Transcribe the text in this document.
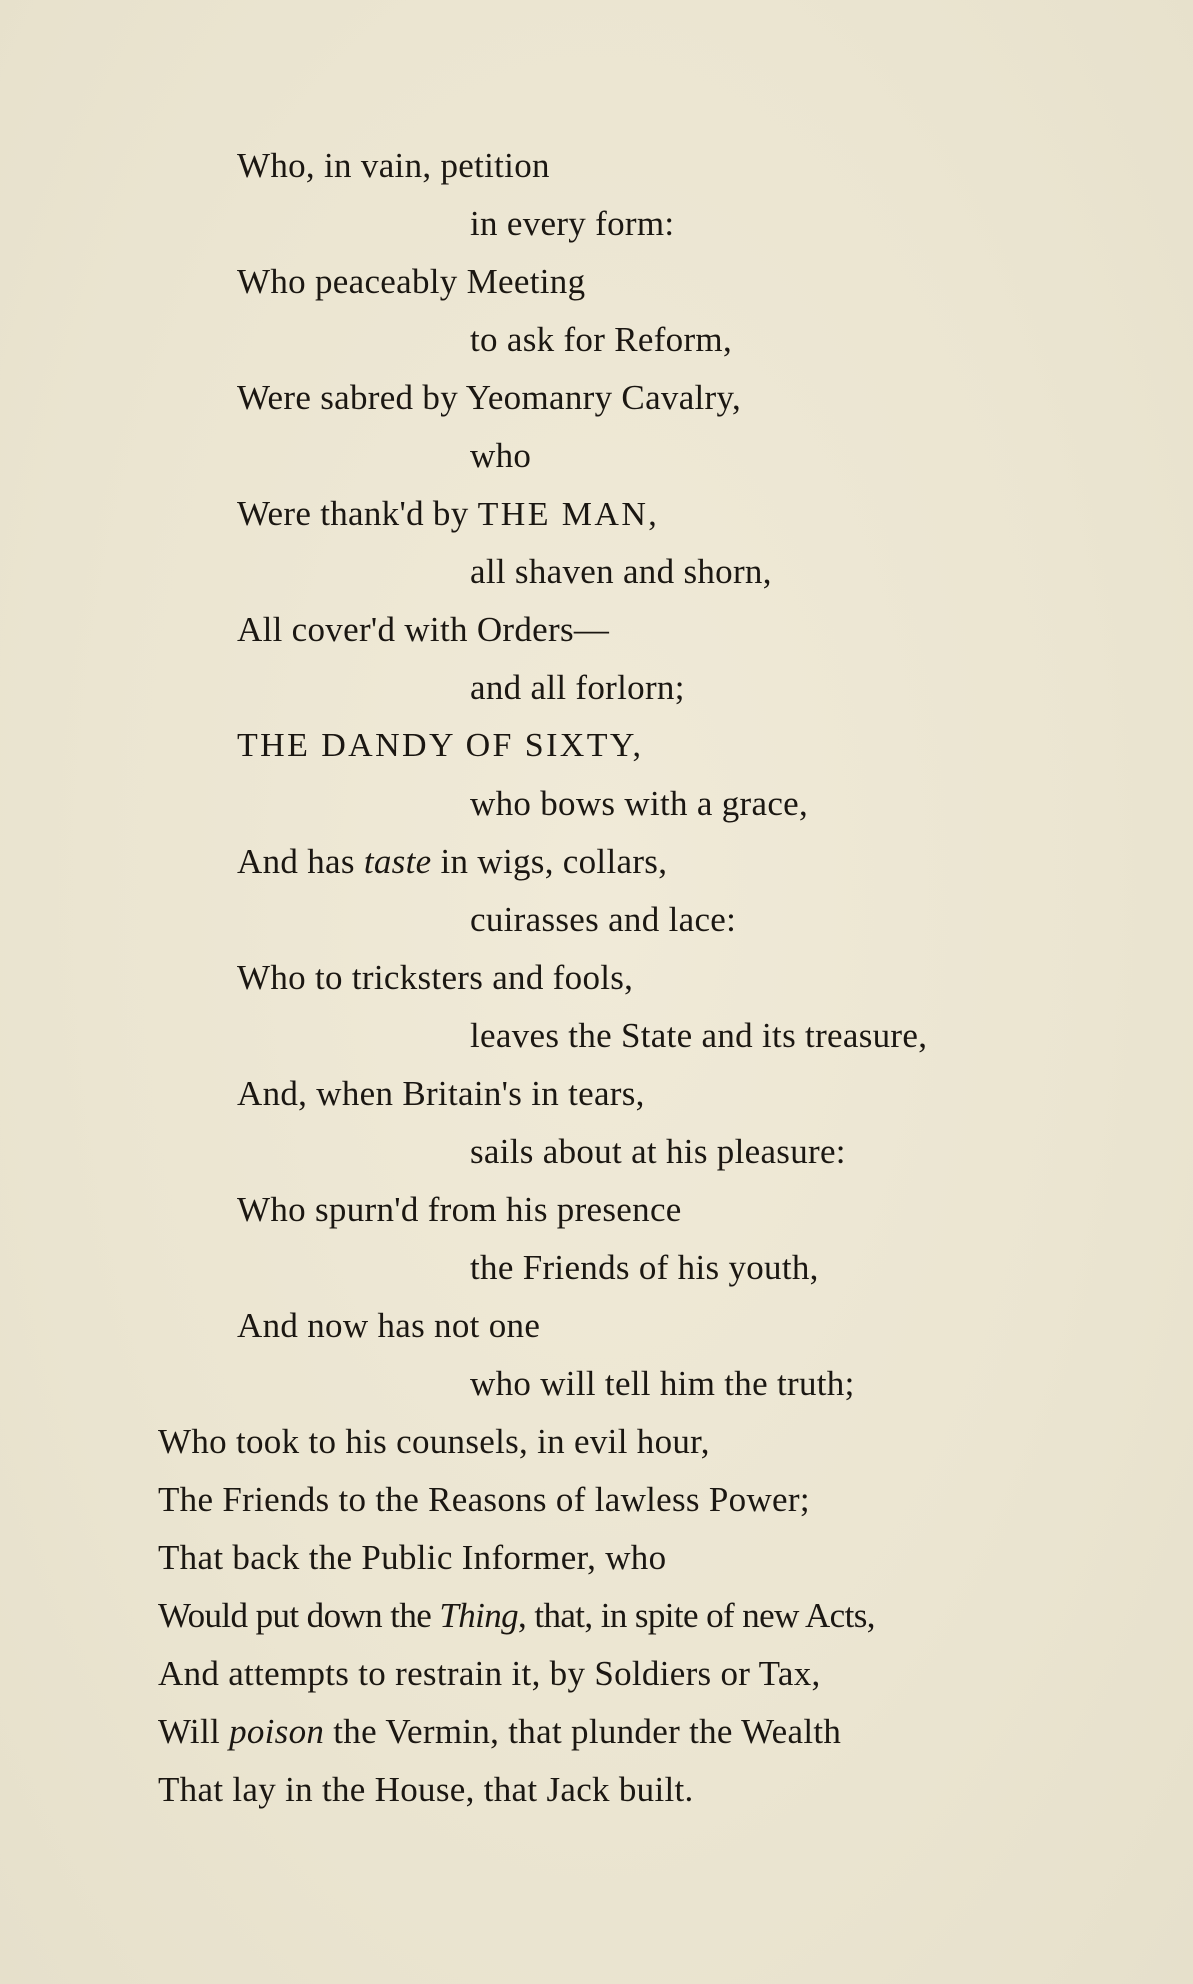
Who, in vain, petition
in every form:
Who peaceably Meeting
to ask for Reform,
Were sabred by Yeomanry Cavalry,
who
Were thank'd by THE MAN,
all shaven and shorn,
All cover'd with Orders—
and all forlorn;
THE DANDY OF SIXTY,
who bows with a grace,
And has taste in wigs, collars,
cuirasses and lace:
Who to tricksters and fools,
leaves the State and its treasure,
And, when Britain's in tears,
sails about at his pleasure:
Who spurn'd from his presence
the Friends of his youth,
And now has not one
who will tell him the truth;
Who took to his counsels, in evil hour,
The Friends to the Reasons of lawless Power;
That back the Public Informer, who
Would put down the Thing, that, in spite of new Acts,
And attempts to restrain it, by Soldiers or Tax,
Will poison the Vermin, that plunder the Wealth
That lay in the House, that Jack built.
